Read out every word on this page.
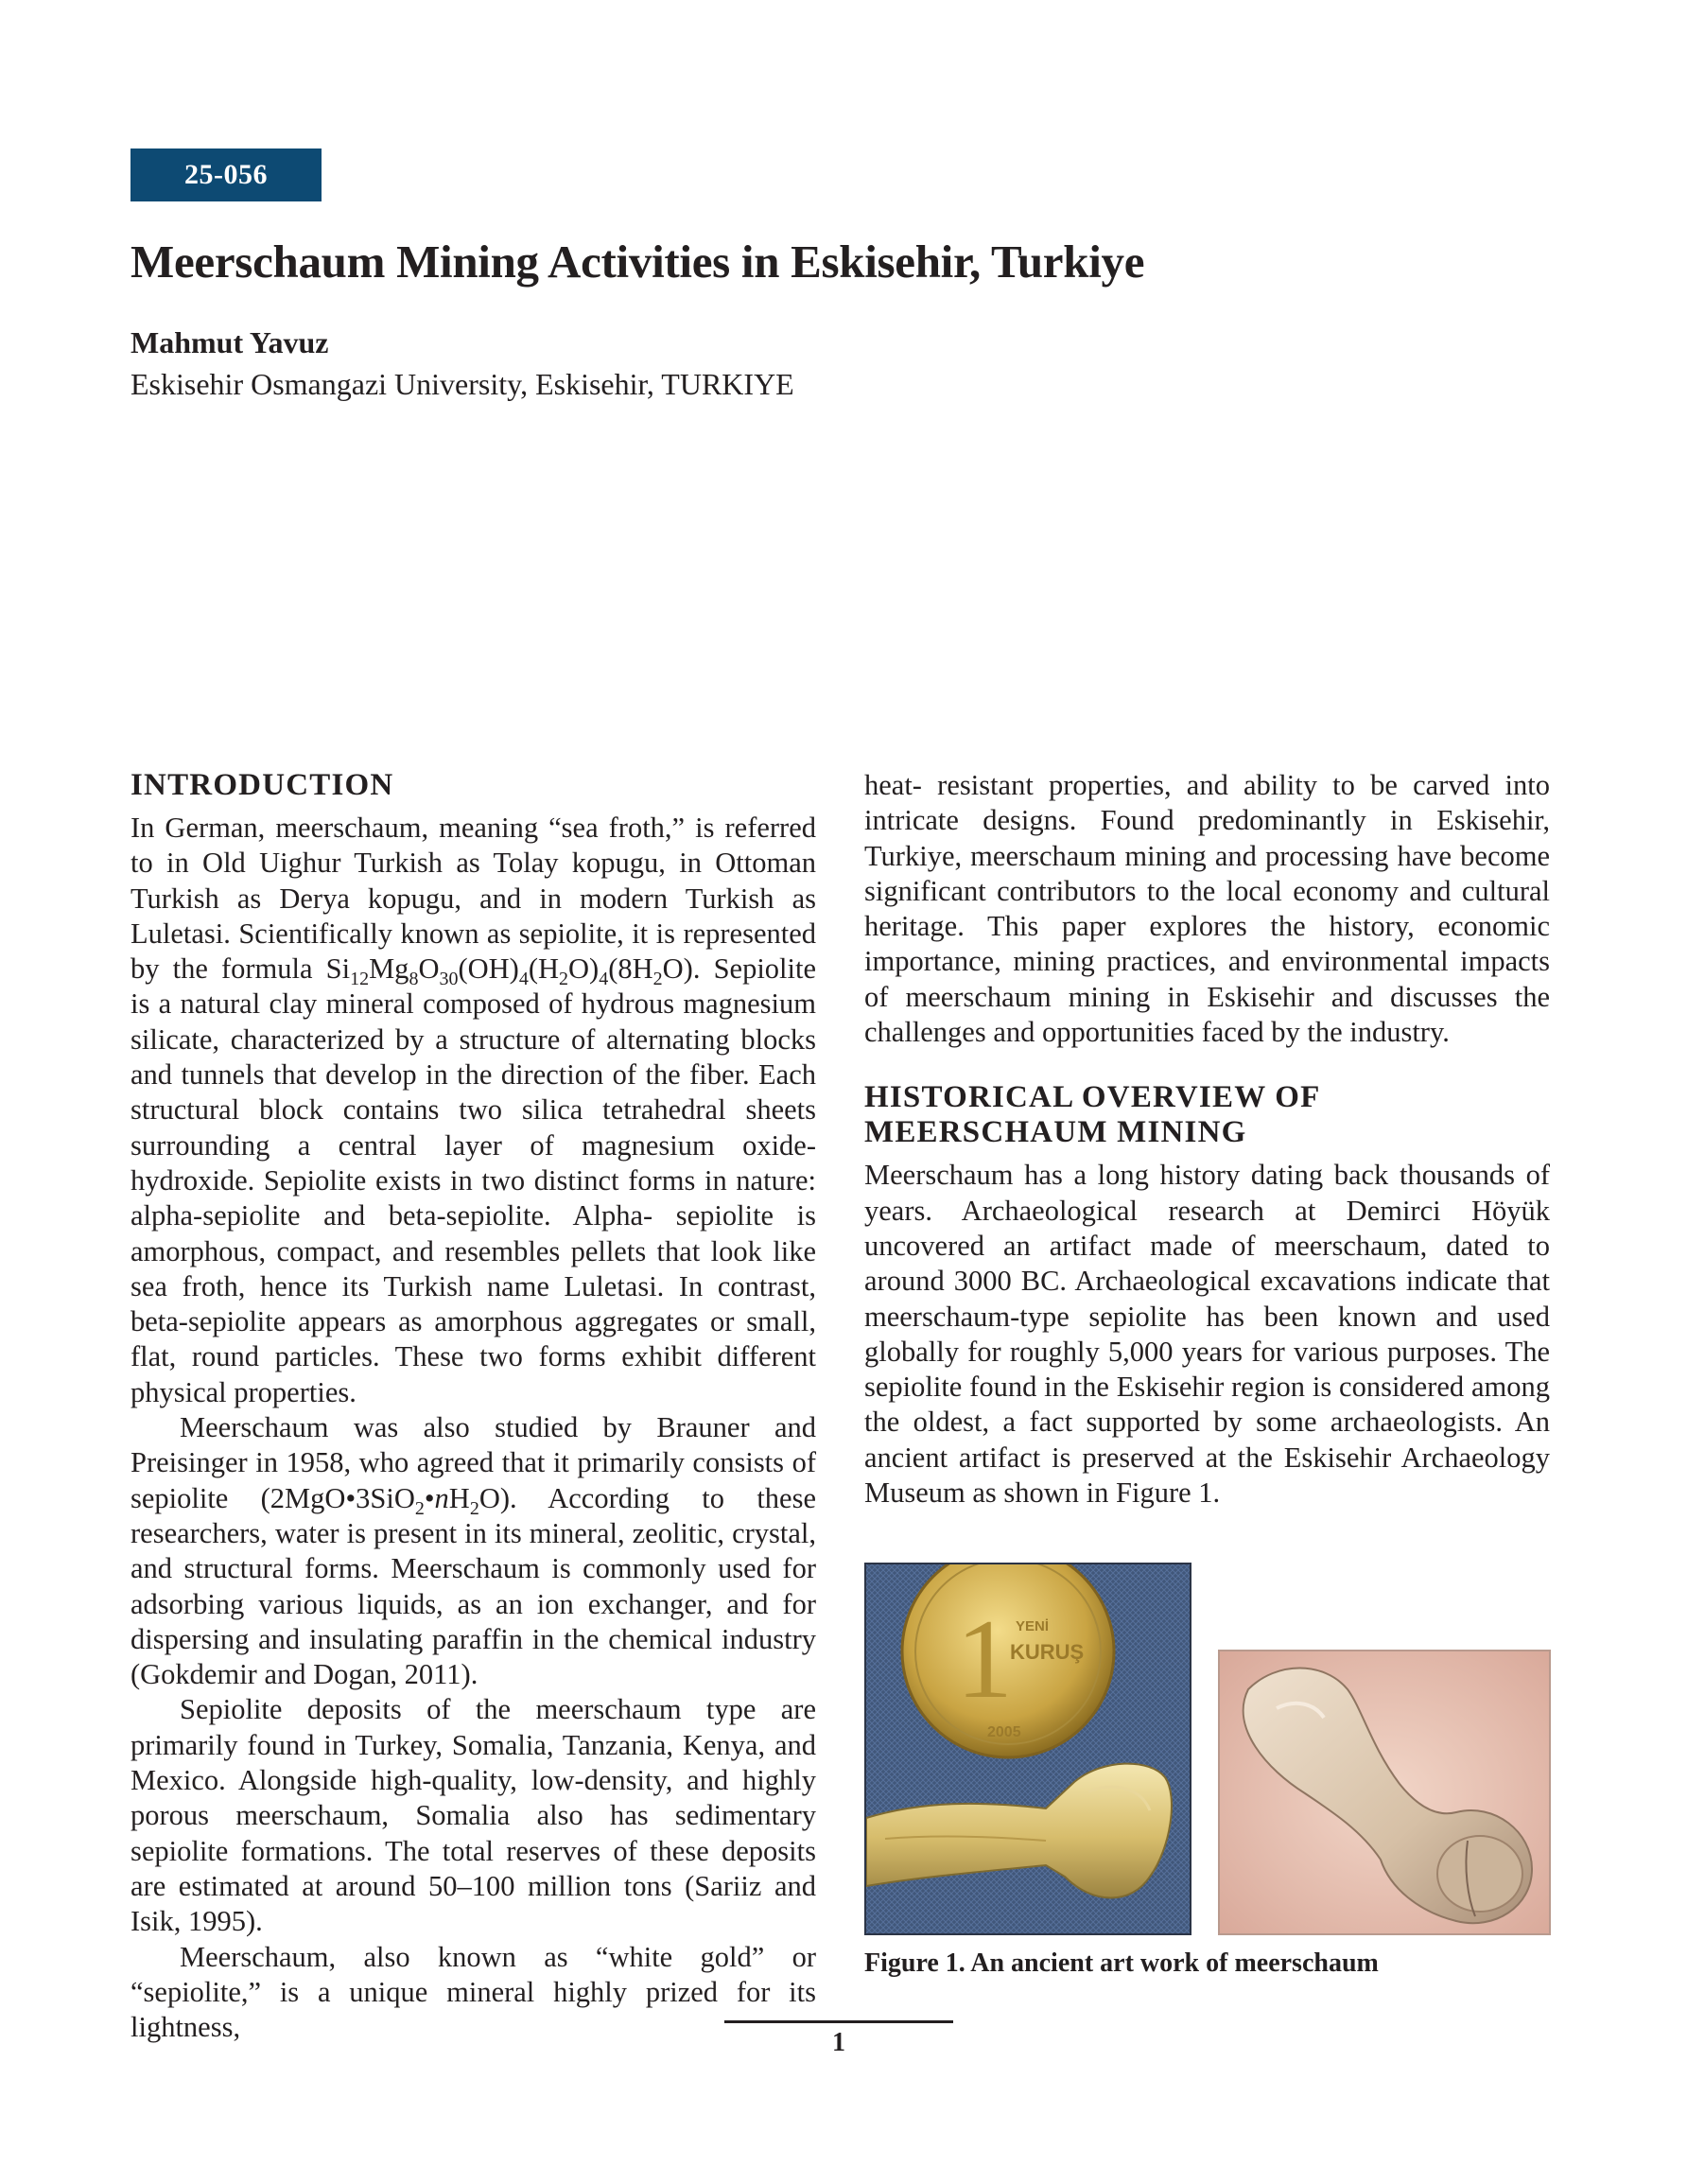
25-056
Meerschaum Mining Activities in Eskisehir, Turkiye
Mahmut Yavuz
Eskisehir Osmangazi University, Eskisehir, TURKIYE
INTRODUCTION

In German, meerschaum, meaning “sea froth,” is referred to in Old Uighur Turkish as Tolay kopugu, in Ottoman Turkish as Derya kopugu, and in modern Turkish as Luletasi. Scientifically known as sepiolite, it is represented by the formula $Si_{12}Mg_8O_{30}(OH)_4(H_2O)_4(8H_2O)$. Sepiolite is a natural clay mineral composed of hydrous magnesium silicate, characterized by a structure of alternating blocks and tunnels that develop in the direction of the fiber. Each structural block contains two silica tetrahedral sheets surrounding a central layer of magnesium oxide- hydroxide. Sepiolite exists in two distinct forms in nature: alpha-sepiolite and beta-sepiolite. Alpha- sepiolite is amorphous, compact, and resembles pellets that look like sea froth, hence its Turkish name Luletasi. In contrast, beta-sepiolite appears as amorphous aggregates or small, flat, round particles. These two forms exhibit different physical properties.

Meerschaum was also studied by Brauner and Preisinger in 1958, who agreed that it primarily consists of sepiolite $(2MgO•3SiO_2•nH_2O)$. According to these researchers, water is present in its mineral, zeolitic, crystal, and structural forms. Meerschaum is commonly used for adsorbing various liquids, as an ion exchanger, and for dispersing and insulating paraffin in the chemical industry (Gokdemir and Dogan, 2011).

Sepiolite deposits of the meerschaum type are primarily found in Turkey, Somalia, Tanzania, Kenya, and Mexico. Alongside high-quality, low-density, and highly porous meerschaum, Somalia also has sedimentary sepiolite formations. The total reserves of these deposits are estimated at around 50–100 million tons (Sariiz and Isik, 1995).

Meerschaum, also known as “white gold” or “sepiolite,” is a unique mineral highly prized for its lightness,

heat- resistant properties, and ability to be carved into intricate designs. Found predominantly in Eskisehir, Turkiye, meerschaum mining and processing have become significant contributors to the local economy and cultural heritage. This paper explores the history, economic importance, mining practices, and environmental impacts of meerschaum mining in Eskisehir and discusses the challenges and opportunities faced by the industry.

HISTORICAL OVERVIEW OF
MEERSCHAUM MINING

Meerschaum has a long history dating back thousands of years. Archaeological research at Demirci Höyük uncovered an artifact made of meerschaum, dated to around 3000 BC. Archaeological excavations indicate that meerschaum-type sepiolite has been known and used globally for roughly 5,000 years for various purposes. The sepiolite found in the Eskisehir region is considered among the oldest, a fact supported by some archaeologists. An ancient artifact is preserved at the Eskisehir Archaeology Museum as shown in Figure 1.

1 YENİ
KURUŞ
2005
Figure 1. An ancient art work of meerschaum
1
